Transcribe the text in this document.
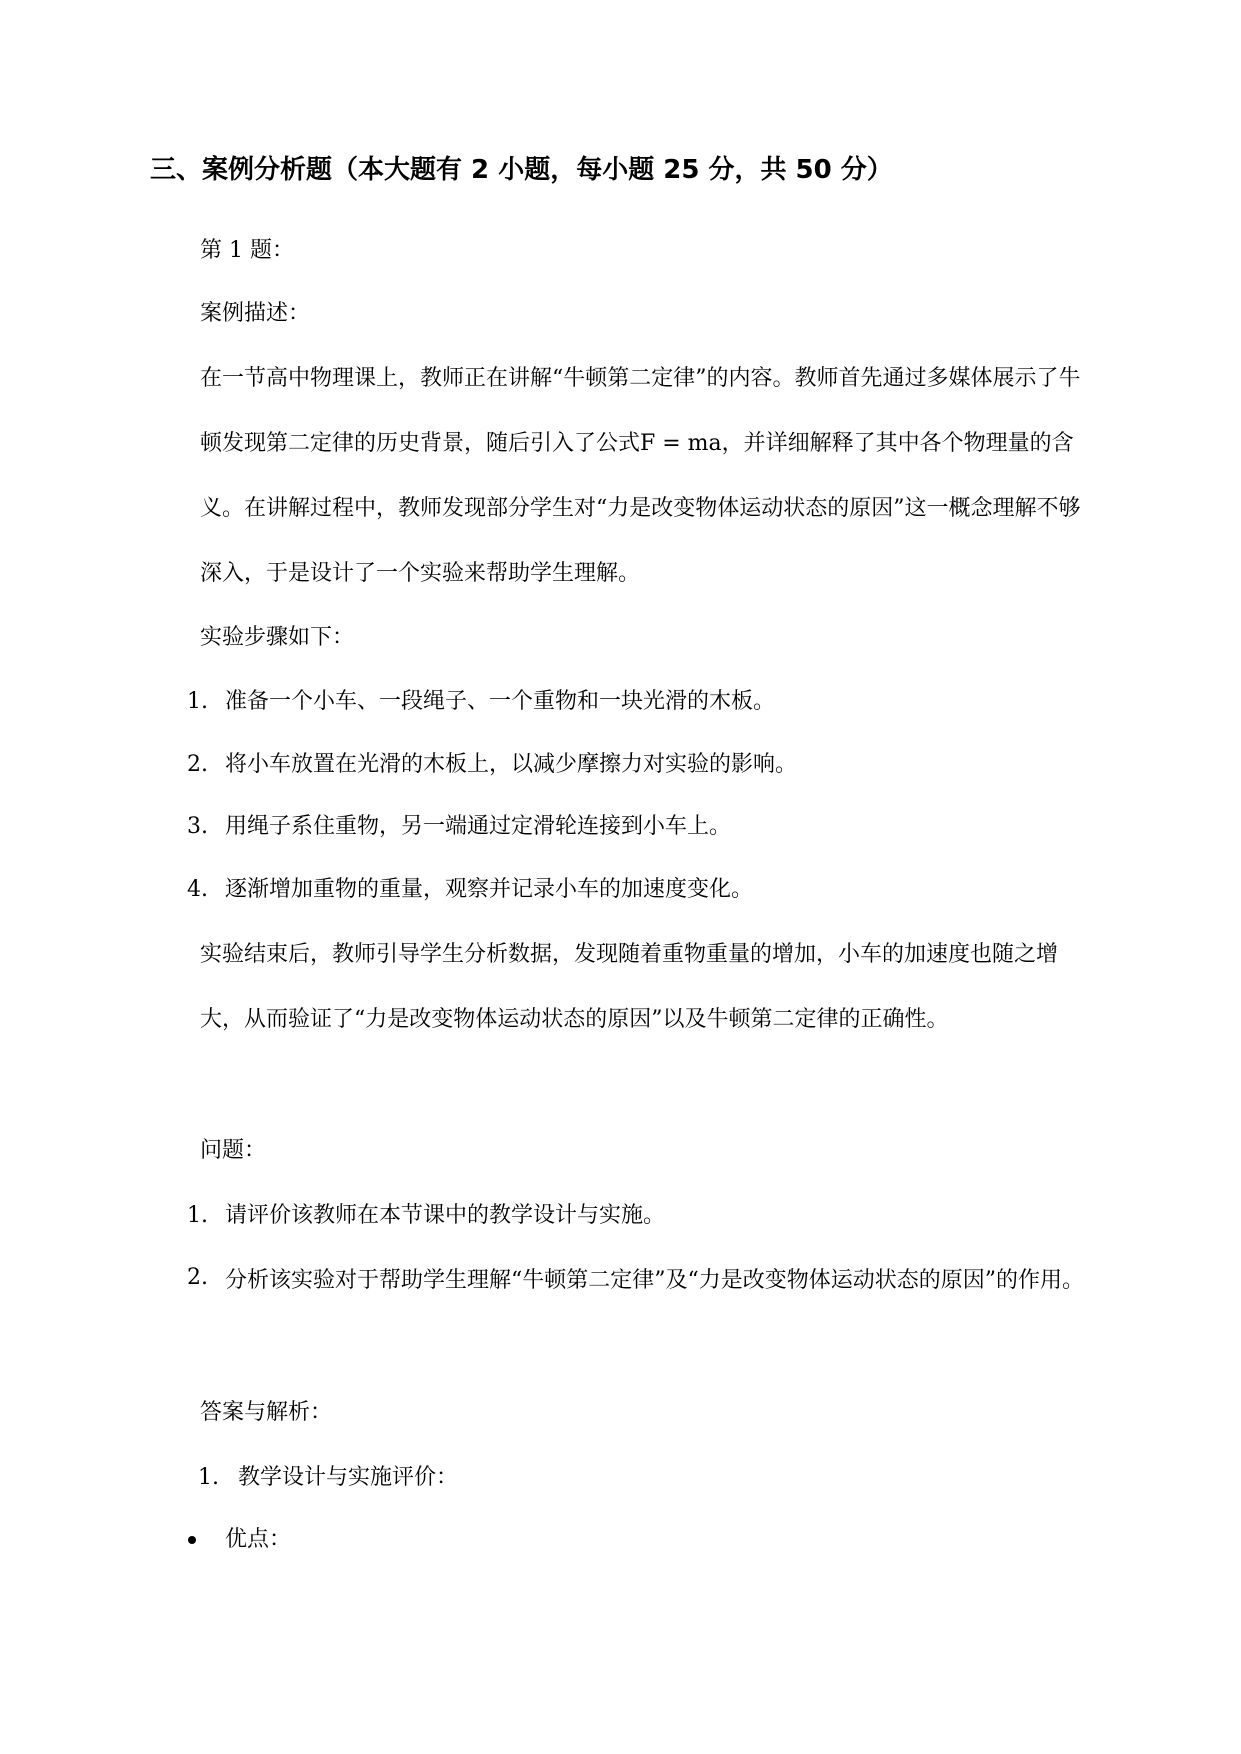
三、案例分析题（本大题有 2 小题，每小题 25 分，共 50 分）
第 1 题：
案例描述：
在一节高中物理课上，教师正在讲解“牛顿第二定律”的内容。教师首先通过多媒体展示了牛顿发现第二定律的历史背景，随后引入了公式F = ma，并详细解释了其中各个物理量的含义。在讲解过程中，教师发现部分学生对“力是改变物体运动状态的原因”这一概念理解不够深入，于是设计了一个实验来帮助学生理解。
实验步骤如下：
1. 准备一个小车、一段绳子、一个重物和一块光滑的木板。
2. 将小车放置在光滑的木板上，以减少摩擦力对实验的影响。
3. 用绳子系住重物，另一端通过定滑轮连接到小车上。
4. 逐渐增加重物的重量，观察并记录小车的加速度变化。
实验结束后，教师引导学生分析数据，发现随着重物重量的增加，小车的加速度也随之增大，从而验证了“力是改变物体运动状态的原因”以及牛顿第二定律的正确性。
问题：
1. 请评价该教师在本节课中的教学设计与实施。
2. 分析该实验对于帮助学生理解“牛顿第二定律”及“力是改变物体运动状态的原因”的作用。
答案与解析：
1. 教学设计与实施评价：
优点：
